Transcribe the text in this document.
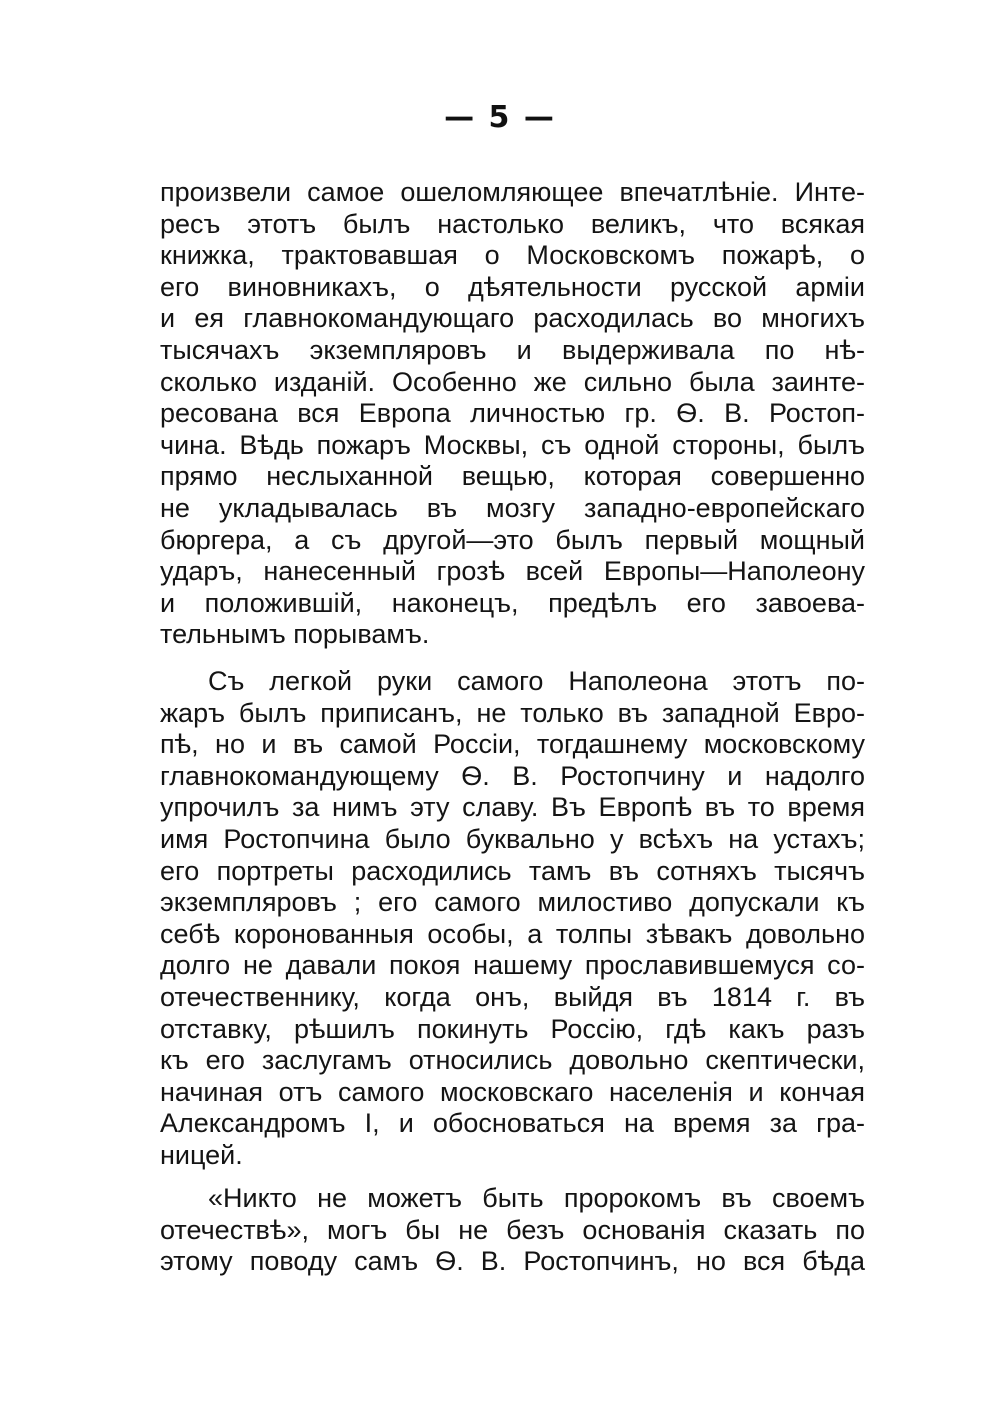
— 5 —
произвели самое ошеломляющее впечатлѣніе. Инте-
ресъ этотъ былъ настолько великъ, что всякая
книжка, трактовавшая о Московскомъ пожарѣ, о
его виновникахъ, о дѣятельности русской арміи
и ея главнокомандующаго расходилась во многихъ
тысячахъ экземпляровъ и выдерживала по нѣ-
сколько изданій. Особенно же сильно была заинте-
ресована вся Европа личностью гр. Ѳ. В. Ростоп-
чина. Вѣдь пожаръ Москвы, съ одной стороны, былъ
прямо неслыханной вещью, которая совершенно
не укладывалась въ мозгу западно-европейскаго
бюргера, а съ другой—это былъ первый мощный
ударъ, нанесенный грозѣ всей Европы—Наполеону
и положившій, наконецъ, предѣлъ его завоева-
тельнымъ порывамъ.
Съ легкой руки самого Наполеона этотъ по-
жаръ былъ приписанъ, не только въ западной Евро-
пѣ, но и въ самой Россіи, тогдашнему московскому
главнокомандующему Ѳ. В. Ростопчину и надолго
упрочилъ за нимъ эту славу. Въ Европѣ въ то время
имя Ростопчина было буквально у всѣхъ на устахъ;
его портреты расходились тамъ въ сотняхъ тысячъ
экземпляровъ ; его самого милостиво допускали къ
себѣ коронованныя особы, а толпы зѣвакъ довольно
долго не давали покоя нашему прославившемуся со-
отечественнику, когда онъ, выйдя въ 1814 г. въ
отставку, рѣшилъ покинуть Россію, гдѣ какъ разъ
къ его заслугамъ относились довольно скептически,
начиная отъ самого московскаго населенія и кончая
Александромъ I, и обосноваться на время за гра-
ницей.
«Никто не можетъ быть пророкомъ въ своемъ
отечествѣ», могъ бы не безъ основанія сказать по
этому поводу самъ Ѳ. В. Ростопчинъ, но вся бѣда
